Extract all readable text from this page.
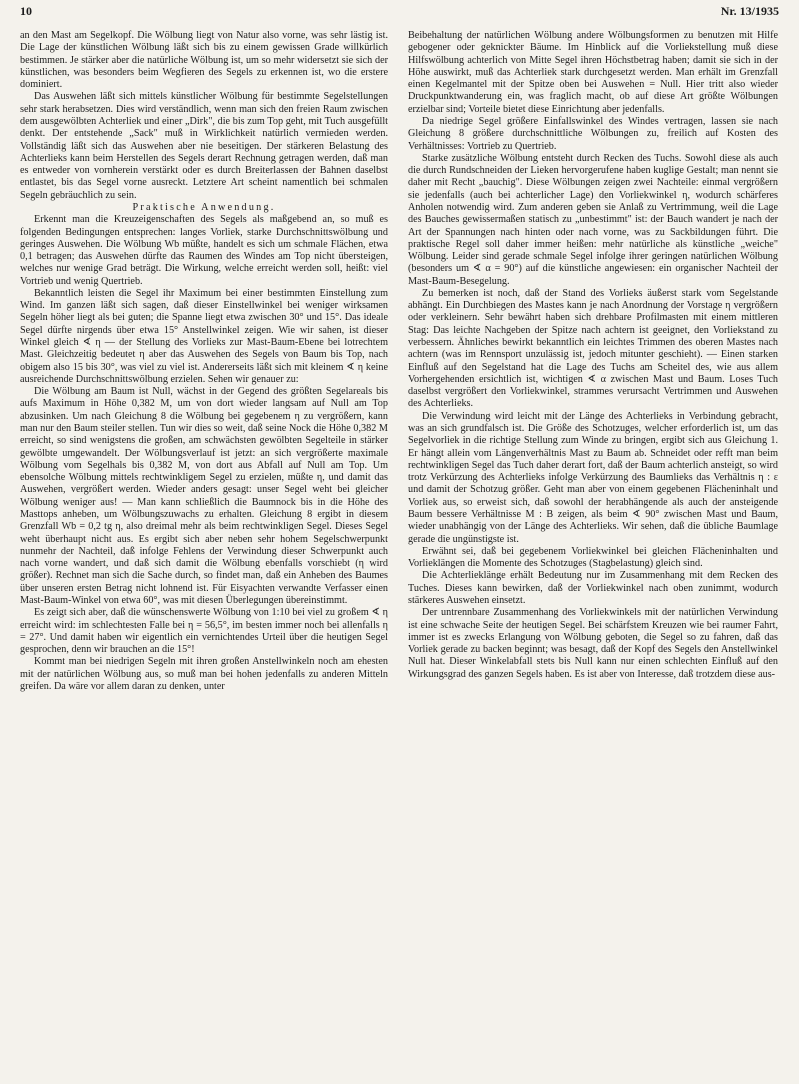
10	Nr. 13/1935

an den Mast am Segelkopf. Die Wölbung liegt von Natur also vorne, was sehr lästig ist. Die Lage der künstlichen Wölbung läßt sich bis zu einem gewissen Grade willkürlich bestimmen. Je stärker aber die natürliche Wölbung ist, um so mehr widersetzt sie sich der künstlichen, was besonders beim Wegfieren des Segels zu erkennen ist, wo die erstere dominiert.

Das Auswehen läßt sich mittels künstlicher Wölbung für bestimmte Segelstellungen sehr stark herabsetzen. Dies wird verständlich, wenn man sich den freien Raum zwischen dem ausgewölbten Achterliek und einer „Dirk", die bis zum Top geht, mit Tuch ausgefüllt denkt. Der entstehende „Sack" muß in Wirklichkeit natürlich vermieden werden. Vollständig läßt sich das Auswehen aber nie beseitigen. Der stärkeren Belastung des Achterlieks kann beim Herstellen des Segels derart Rechnung getragen werden, daß man es entweder von vornherein verstärkt oder es durch Breiterlassen der Bahnen daselbst entlastet, bis das Segel vorne ausreckt. Letztere Art scheint namentlich bei schmalen Segeln gebräuchlich zu sein.

Praktische Anwendung.

Erkennt man die Kreuzeigenschaften des Segels als maßgebend an, so muß es folgenden Bedingungen entsprechen: langes Vorliek, starke Durchschnittswölbung und geringes Auswehen. Die Wölbung Wb müßte, handelt es sich um schmale Flächen, etwa 0,1 betragen; das Auswehen dürfte das Raumen des Windes am Top nicht übersteigen, welches nur wenige Grad beträgt. Die Wirkung, welche erreicht werden soll, heißt: viel Vortrieb und wenig Quertrieb.

Bekanntlich leisten die Segel ihr Maximum bei einer bestimmten Einstellung zum Wind. Im ganzen läßt sich sagen, daß dieser Einstellwinkel bei weniger wirksamen Segeln höher liegt als bei guten; die Spanne liegt etwa zwischen 30° und 15°. Das ideale Segel dürfte nirgends über etwa 15° Anstellwinkel zeigen. Wie wir sahen, ist dieser Winkel gleich ∢ η — der Stellung des Vorlieks zur Mast-Baum-Ebene bei lotrechtem Mast. Gleichzeitig bedeutet η aber das Auswehen des Segels von Baum bis Top, nach obigem also 15 bis 30°, was viel zu viel ist. Andererseits läßt sich mit kleinem ∢ η keine ausreichende Durchschnittswölbung erzielen. Sehen wir genauer zu:

Die Wölbung am Baum ist Null, wächst in der Gegend des größten Segelareals bis aufs Maximum in Höhe 0,382 M, um von dort wieder langsam auf Null am Top abzusinken. Um nach Gleichung 8 die Wölbung bei gegebenem η zu vergrößern, kann man nur den Baum steiler stellen. Tun wir dies so weit, daß seine Nock die Höhe 0,382 M erreicht, so sind wenigstens die großen, am schwächsten gewölbten Segelteile in stärker gewölbte umgewandelt. Der Wölbungsverlauf ist jetzt: an sich vergrößerte maximale Wölbung vom Segelhals bis 0,382 M, von dort aus Abfall auf Null am Top. Um ebensolche Wölbung mittels rechtwinkligem Segel zu erzielen, müßte η, und damit das Auswehen, vergrößert werden. Wieder anders gesagt: unser Segel weht bei gleicher Wölbung weniger aus! — Man kann schließlich die Baumnock bis in die Höhe des Masttops anheben, um Wölbungszuwachs zu erhalten. Gleichung 8 ergibt in diesem Grenzfall Wb = 0,2 tg η, also dreimal mehr als beim rechtwinkligen Segel. Dieses Segel weht überhaupt nicht aus. Es ergibt sich aber neben sehr hohem Segelschwerpunkt nunmehr der Nachteil, daß infolge Fehlens der Verwindung dieser Schwerpunkt auch nach vorne wandert, und daß sich damit die Wölbung ebenfalls vorschiebt (η wird größer). Rechnet man sich die Sache durch, so findet man, daß ein Anheben des Baumes über unseren ersten Betrag nicht lohnend ist. Für Eisyachten verwandte Verfasser einen Mast-Baum-Winkel von etwa 60°, was mit diesen Überlegungen übereinstimmt.

Es zeigt sich aber, daß die wünschenswerte Wölbung von 1:10 bei viel zu großem ∢ η erreicht wird: im schlechtesten Falle bei η = 56,5°, im besten immer noch bei allenfalls η = 27°. Und damit haben wir eigentlich ein vernichtendes Urteil über die heutigen Segel gesprochen, denn wir brauchen an die 15°!

Kommt man bei niedrigen Segeln mit ihren großen Anstellwinkeln noch am ehesten mit der natürlichen Wölbung aus, so muß man bei hohen jedenfalls zu anderen Mitteln greifen. Da wäre vor allem daran zu denken, unter

Beibehaltung der natürlichen Wölbung andere Wölbungsformen zu benutzen mit Hilfe gebogener oder geknickter Bäume. Im Hinblick auf die Vorliekstellung muß diese Hilfswölbung achterlich von Mitte Segel ihren Höchstbetrag haben; damit sie sich in der Höhe auswirkt, muß das Achterliek stark durchgesetzt werden. Man erhält im Grenzfall einen Kegelmantel mit der Spitze oben bei Auswehen = Null. Hier tritt also wieder Druckpunktwanderung ein, was fraglich macht, ob auf diese Art größte Wölbungen erzielbar sind; Vorteile bietet diese Einrichtung aber jedenfalls.

Da niedrige Segel größere Einfallswinkel des Windes vertragen, lassen sie nach Gleichung 8 größere durchschnittliche Wölbungen zu, freilich auf Kosten des Verhältnisses: Vortrieb zu Quertrieb.

Starke zusätzliche Wölbung entsteht durch Recken des Tuchs. Sowohl diese als auch die durch Rundschneiden der Lieken hervorgerufene haben kuglige Gestalt; man nennt sie daher mit Recht „bauchig". Diese Wölbungen zeigen zwei Nachteile: einmal vergrößern sie jedenfalls (auch bei achterlicher Lage) den Vorliekwinkel η, wodurch schärferes Anholen notwendig wird. Zum anderen geben sie Anlaß zu Vertrimmung, weil die Lage des Bauches gewissermaßen statisch zu „unbestimmt" ist: der Bauch wandert je nach der Art der Spannungen nach hinten oder nach vorne, was zu Sackbildungen führt. Die praktische Regel soll daher immer heißen: mehr natürliche als künstliche „weiche" Wölbung. Leider sind gerade schmale Segel infolge ihrer geringen natürlichen Wölbung (besonders um ∢ α = 90°) auf die künstliche angewiesen: ein organischer Nachteil der Mast-Baum-Besegelung.

Zu bemerken ist noch, daß der Stand des Vorlieks äußerst stark vom Segelstande abhängt. Ein Durchbiegen des Mastes kann je nach Anordnung der Vorstage η vergrößern oder verkleinern. Sehr bewährt haben sich drehbare Profilmasten mit einem mittleren Stag: Das leichte Nachgeben der Spitze nach achtern ist geeignet, den Vorliekstand zu verbessern. Ähnliches bewirkt bekanntlich ein leichtes Trimmen des oberen Mastes nach achtern (was im Rennsport unzulässig ist, jedoch mitunter geschieht). — Einen starken Einfluß auf den Segelstand hat die Lage des Tuchs am Scheitel des, wie aus allem Vorhergehenden ersichtlich ist, wichtigen ∢ α zwischen Mast und Baum. Loses Tuch daselbst vergrößert den Vorliekwinkel, strammes verursacht Vertrimmen und Auswehen des Achterlieks.

Die Verwindung wird leicht mit der Länge des Achterlieks in Verbindung gebracht, was an sich grundfalsch ist. Die Größe des Schotzuges, welcher erforderlich ist, um das Segelvorliek in die richtige Stellung zum Winde zu bringen, ergibt sich aus Gleichung 1. Er hängt allein vom Längenverhältnis Mast zu Baum ab. Schneidet oder refft man beim rechtwinkligen Segel das Tuch daher derart fort, daß der Baum achterlich ansteigt, so wird trotz Verkürzung des Achterlieks infolge Verkürzung des Baumlieks das Verhältnis η : ε und damit der Schotzug größer. Geht man aber von einem gegebenen Flächeninhalt und Vorliek aus, so erweist sich, daß sowohl der herabhängende als auch der ansteigende Baum bessere Verhältnisse M : B zeigen, als beim ∢ 90° zwischen Mast und Baum, wieder unabhängig von der Länge des Achterlieks. Wir sehen, daß die übliche Baumlage gerade die ungünstigste ist.

Erwähnt sei, daß bei gegebenem Vorliekwinkel bei gleichen Flächeninhalten und Vorlieklängen die Momente des Schotzuges (Stagbelastung) gleich sind.

Die Achterlieklänge erhält Bedeutung nur im Zusammenhang mit dem Recken des Tuches. Dieses kann bewirken, daß der Vorliekwinkel nach oben zunimmt, wodurch stärkeres Auswehen einsetzt.

Der untrennbare Zusammenhang des Vorliekwinkels mit der natürlichen Verwindung ist eine schwache Seite der heutigen Segel. Bei schärfstem Kreuzen wie bei raumer Fahrt, immer ist es zwecks Erlangung von Wölbung geboten, die Segel so zu fahren, daß das Vorliek gerade zu backen beginnt; was besagt, daß der Kopf des Segels den Anstellwinkel Null hat. Dieser Winkelabfall stets bis Null kann nur einen schlechten Einfluß auf den Wirkungsgrad des ganzen Segels haben. Es ist aber von Interesse, daß trotzdem diese aus-
